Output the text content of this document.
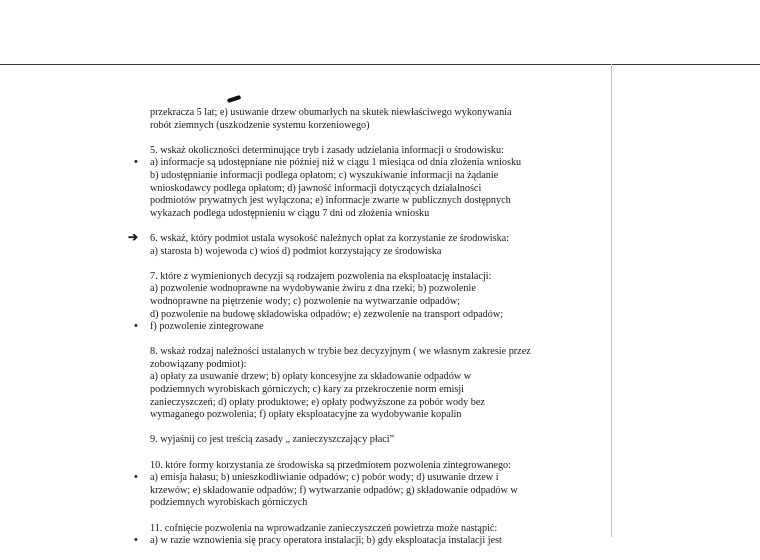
przekracza 5 lat; e) usuwanie drzew obumarłych na skutek niewłaściwego wykonywania
robót ziemnych (uszkodzenie systemu korzeniowego)
5. wskaż okoliczności determinujące tryb i zasady udzielania informacji o środowisku:
• a) informacje są udostępniane nie później niż w ciągu 1 miesiąca od dnia złożenia wniosku
b) udostępnianie informacji podlega opłatom; c) wyszukiwanie informacji na żądanie
wnioskodawcy podlega opłatom; d) jawność informacji dotyczących działalności
podmiotów prywatnych jest wyłączona; e) informacje zwarte w publicznych dostępnych
wykazach podlega udostępnieniu w ciągu 7 dni od złożenia wniosku
➔ 6. wskaż, który podmiot ustala wysokość należnych opłat za korzystanie ze środowiska:
a) starosta b) wojewoda c) wioś d) podmiot korzystający ze środowiska
7. które z wymienionych decyzji są rodzajem pozwolenia na eksploatację instalacji:
a) pozwolenie wodnoprawne na wydobywanie żwiru z dna rzeki; b) pozwolenie
wodnoprawne na piętrzenie wody; c) pozwolenie na wytwarzanie odpadów;
d) pozwolenie na budowę składowiska odpadów; e) zezwolenie na transport odpadów;
• f) pozwolenie zintegrowane
8. wskaż rodzaj należności ustalanych w trybie bez decyzyjnym ( we własnym zakresie przez
zobowiązany podmiot):
a) opłaty za usuwanie drzew; b) opłaty koncesyjne za składowanie odpadów w
podziemnych wyrobiskach górniczych; c) kary za przekroczenie norm emisji
zanieczyszczeń; d) opłaty produktowe; e) opłaty podwyższone za pobór wody bez
wymaganego pozwolenia; f) opłaty eksploatacyjne za wydobywanie kopalin
9. wyjaśnij co jest treścią zasady „ zanieczyszczający płaci”
10. które formy korzystania ze środowiska są przedmiotem pozwolenia zintegrowanego:
• a) emisja hałasu; b) unieszkodliwianie odpadów; c) pobór wody; d) usuwanie drzew i
krzewów; e) składowanie odpadów; f) wytwarzanie odpadów; g) składowanie odpadów w
podziemnych wyrobiskach górniczych
11. cofnięcie pozwolenia na wprowadzanie zanieczyszczeń powietrza może nastąpić:
• a) w razie wznowienia się pracy operatora instalacji; b) gdy eksploatacja instalacji jest
